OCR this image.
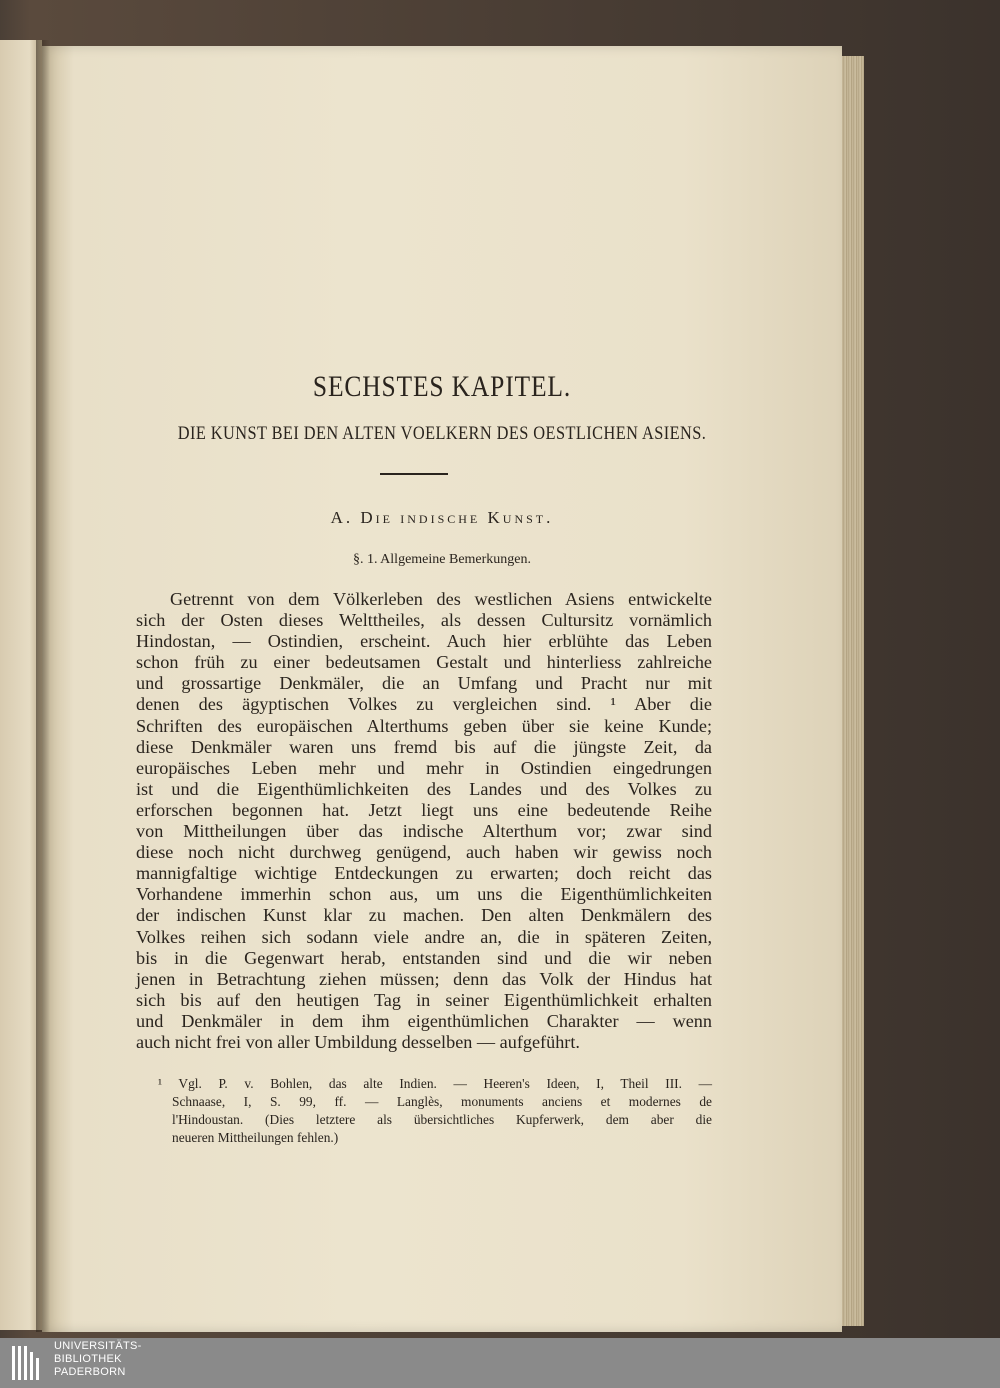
SECHSTES KAPITEL.
DIE KUNST BEI DEN ALTEN VOELKERN DES OESTLICHEN ASIENS.
A. Die indische Kunst.
§. 1. Allgemeine Bemerkungen.
Getrennt von dem Völkerleben des westlichen Asiens entwickelte
sich der Osten dieses Welttheiles, als dessen Cultursitz vornämlich
Hindostan, — Ostindien, erscheint. Auch hier erblühte das Leben
schon früh zu einer bedeutsamen Gestalt und hinterliess zahlreiche
und grossartige Denkmäler, die an Umfang und Pracht nur mit
denen des ägyptischen Volkes zu vergleichen sind. ¹ Aber die
Schriften des europäischen Alterthums geben über sie keine Kunde;
diese Denkmäler waren uns fremd bis auf die jüngste Zeit, da
europäisches Leben mehr und mehr in Ostindien eingedrungen
ist und die Eigenthümlichkeiten des Landes und des Volkes zu
erforschen begonnen hat. Jetzt liegt uns eine bedeutende Reihe
von Mittheilungen über das indische Alterthum vor; zwar sind
diese noch nicht durchweg genügend, auch haben wir gewiss noch
mannigfaltige wichtige Entdeckungen zu erwarten; doch reicht das
Vorhandene immerhin schon aus, um uns die Eigenthümlichkeiten
der indischen Kunst klar zu machen. Den alten Denkmälern des
Volkes reihen sich sodann viele andre an, die in späteren Zeiten,
bis in die Gegenwart herab, entstanden sind und die wir neben
jenen in Betrachtung ziehen müssen; denn das Volk der Hindus hat
sich bis auf den heutigen Tag in seiner Eigenthümlichkeit erhalten
und Denkmäler in dem ihm eigenthümlichen Charakter — wenn
auch nicht frei von aller Umbildung desselben — aufgeführt.
¹ Vgl. P. v. Bohlen, das alte Indien. — Heeren's Ideen, I, Theil III. —
Schnaase, I, S. 99, ff. — Langlès, monuments anciens et modernes de
l'Hindoustan. (Dies letztere als übersichtliches Kupferwerk, dem aber die
neueren Mittheilungen fehlen.)
UNIVERSITÄTS-
BIBLIOTHEK
PADERBORN
